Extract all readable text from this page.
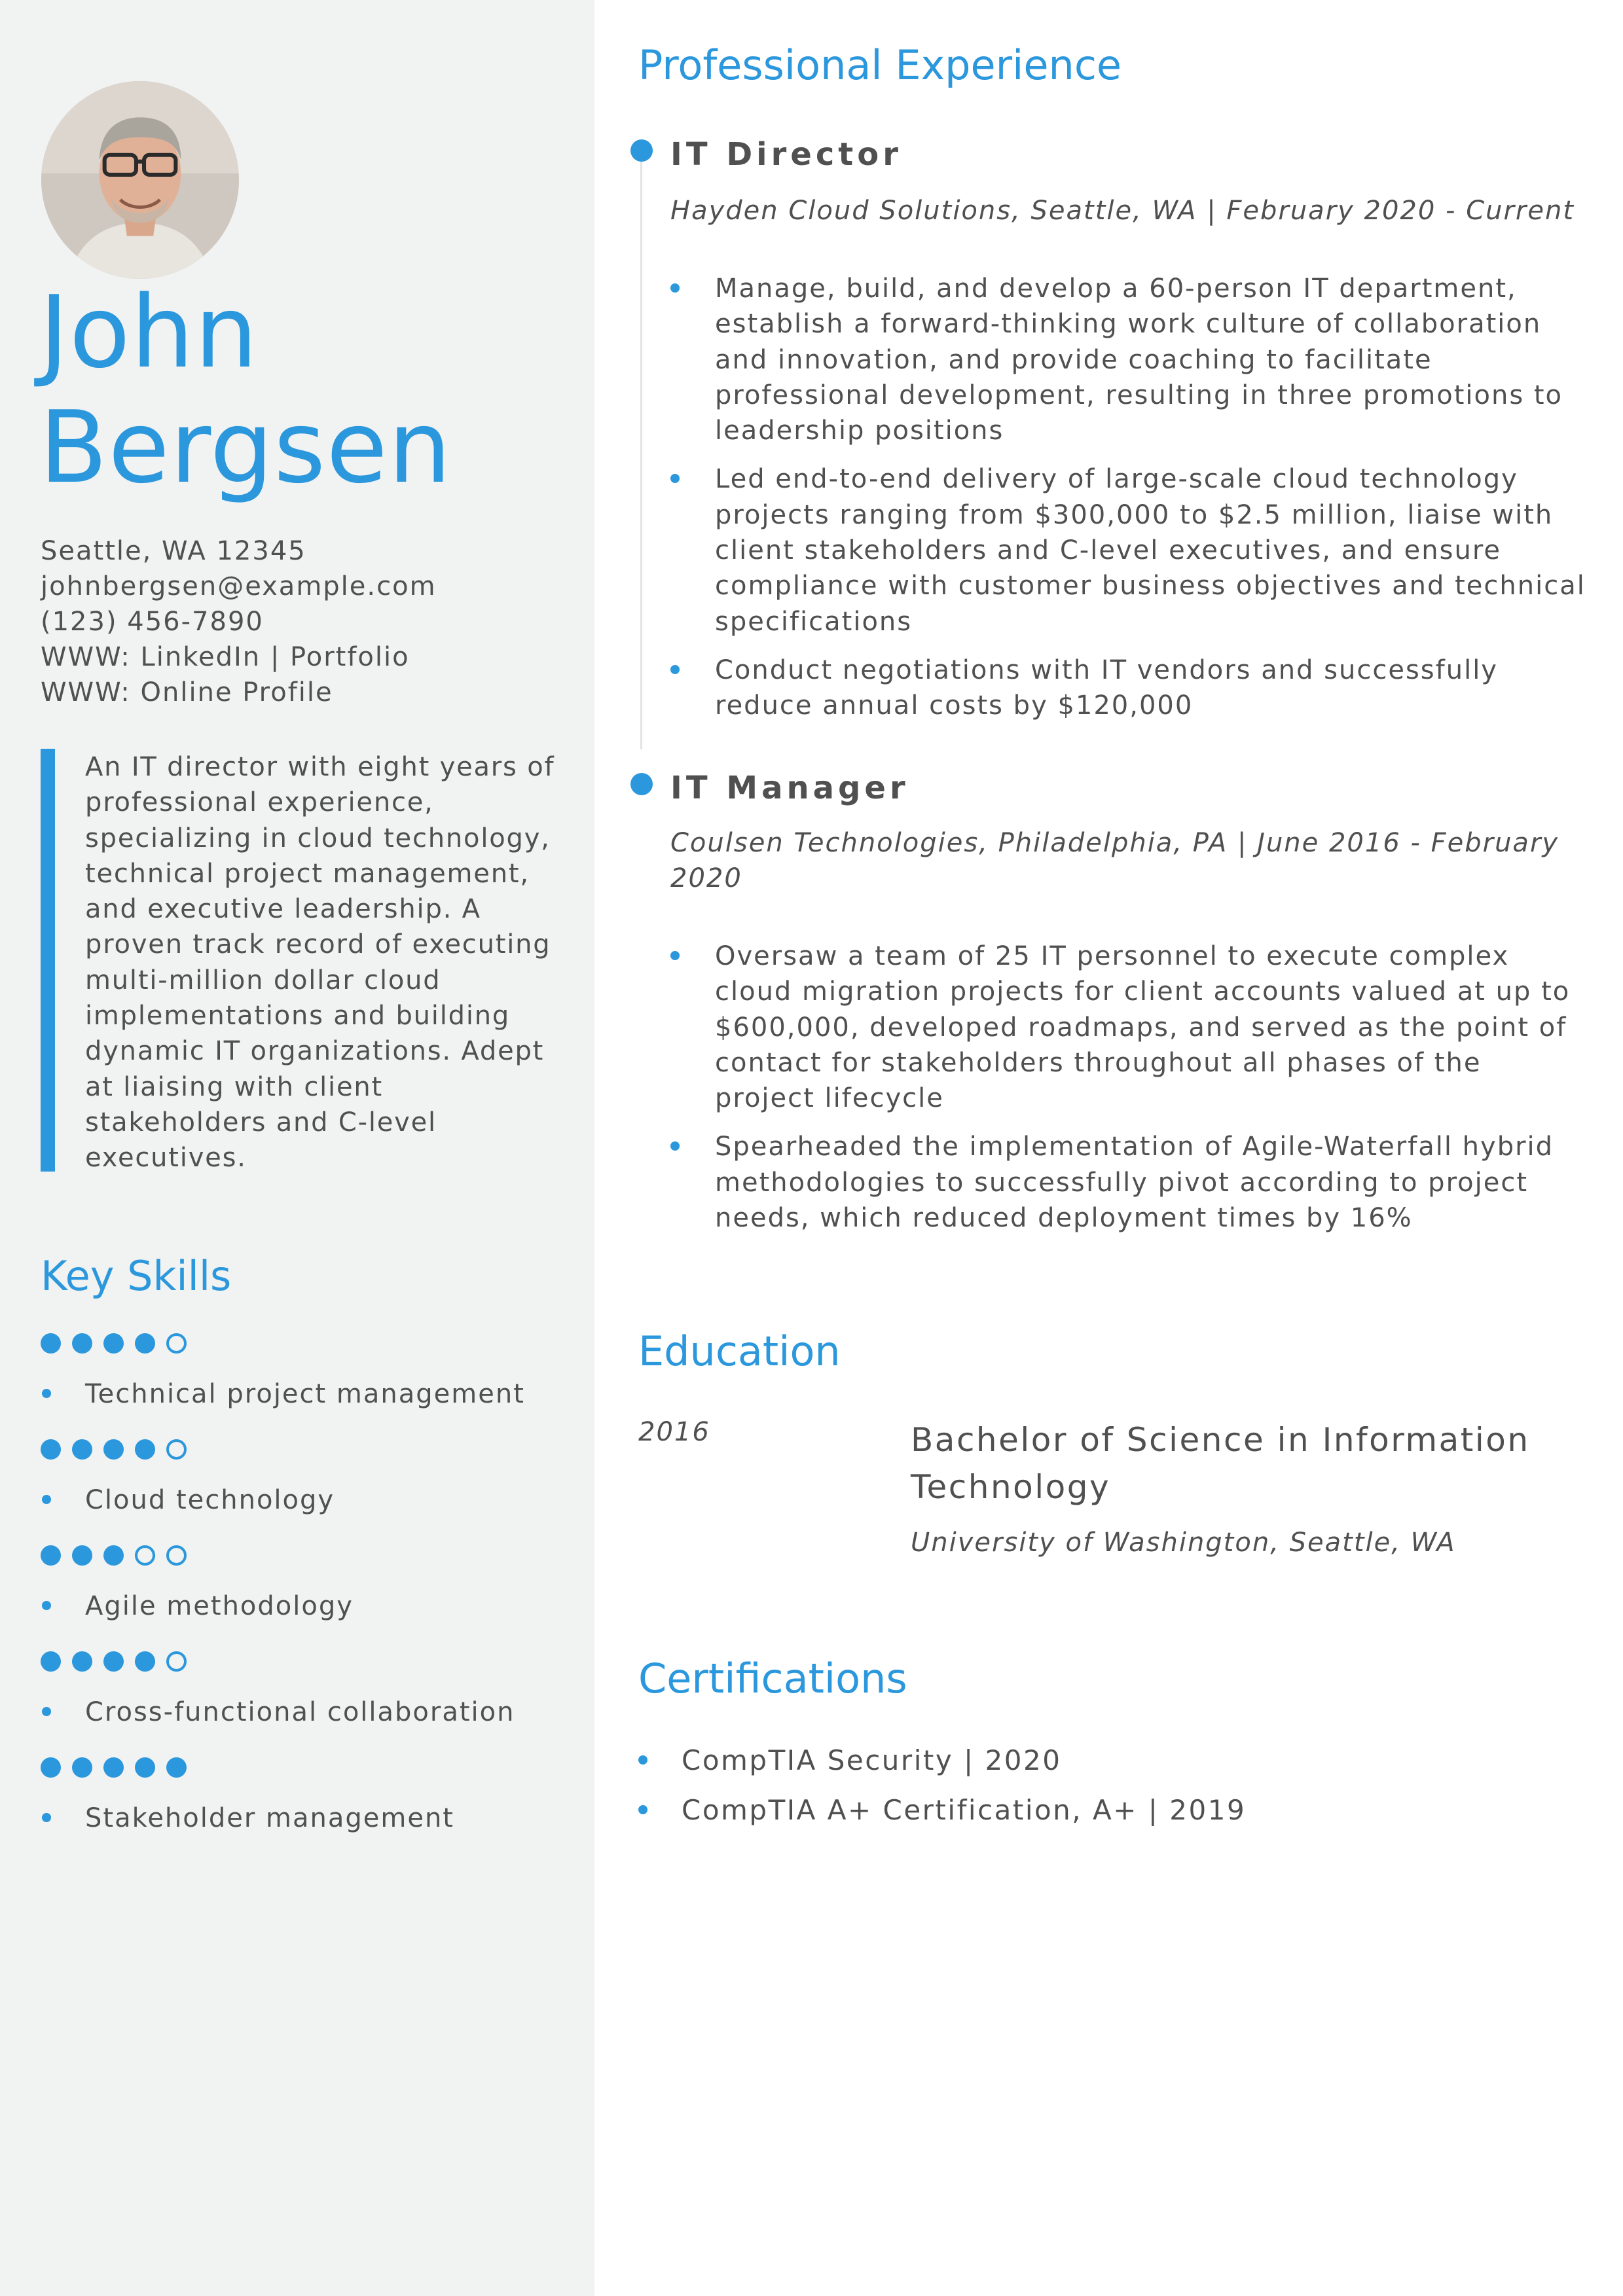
John
Bergsen
Seattle, WA 12345
johnbergsen@example.com
(123) 456-7890
WWW: LinkedIn | Portfolio
WWW: Online Profile

An IT director with eight years of professional experience, specializing in cloud technology, technical project management, and executive leadership. A proven track record of executing multi-million dollar cloud implementations and building dynamic IT organizations. Adept at liaising with client stakeholders and C-level executives.

Key Skills
Technical project management
Cloud technology
Agile methodology
Cross-functional collaboration
Stakeholder management
Professional Experience
IT Director
Hayden Cloud Solutions, Seattle, WA | February 2020 - Current
Manage, build, and develop a 60-person IT department, establish a forward-thinking work culture of collaboration and innovation, and provide coaching to facilitate professional development, resulting in three promotions to leadership positions
Led end-to-end delivery of large-scale cloud technology projects ranging from $300,000 to $2.5 million, liaise with client stakeholders and C-level executives, and ensure compliance with customer business objectives and technical specifications
Conduct negotiations with IT vendors and successfully reduce annual costs by $120,000
IT Manager
Coulsen Technologies, Philadelphia, PA | June 2016 - February 2020
Oversaw a team of 25 IT personnel to execute complex cloud migration projects for client accounts valued at up to $600,000, developed roadmaps, and served as the point of contact for stakeholders throughout all phases of the project lifecycle
Spearheaded the implementation of Agile-Waterfall hybrid methodologies to successfully pivot according to project needs, which reduced deployment times by 16%
Education
2016	Bachelor of Science in Information Technology
University of Washington, Seattle, WA
Certifications
CompTIA Security | 2020
CompTIA A+ Certification, A+ | 2019
